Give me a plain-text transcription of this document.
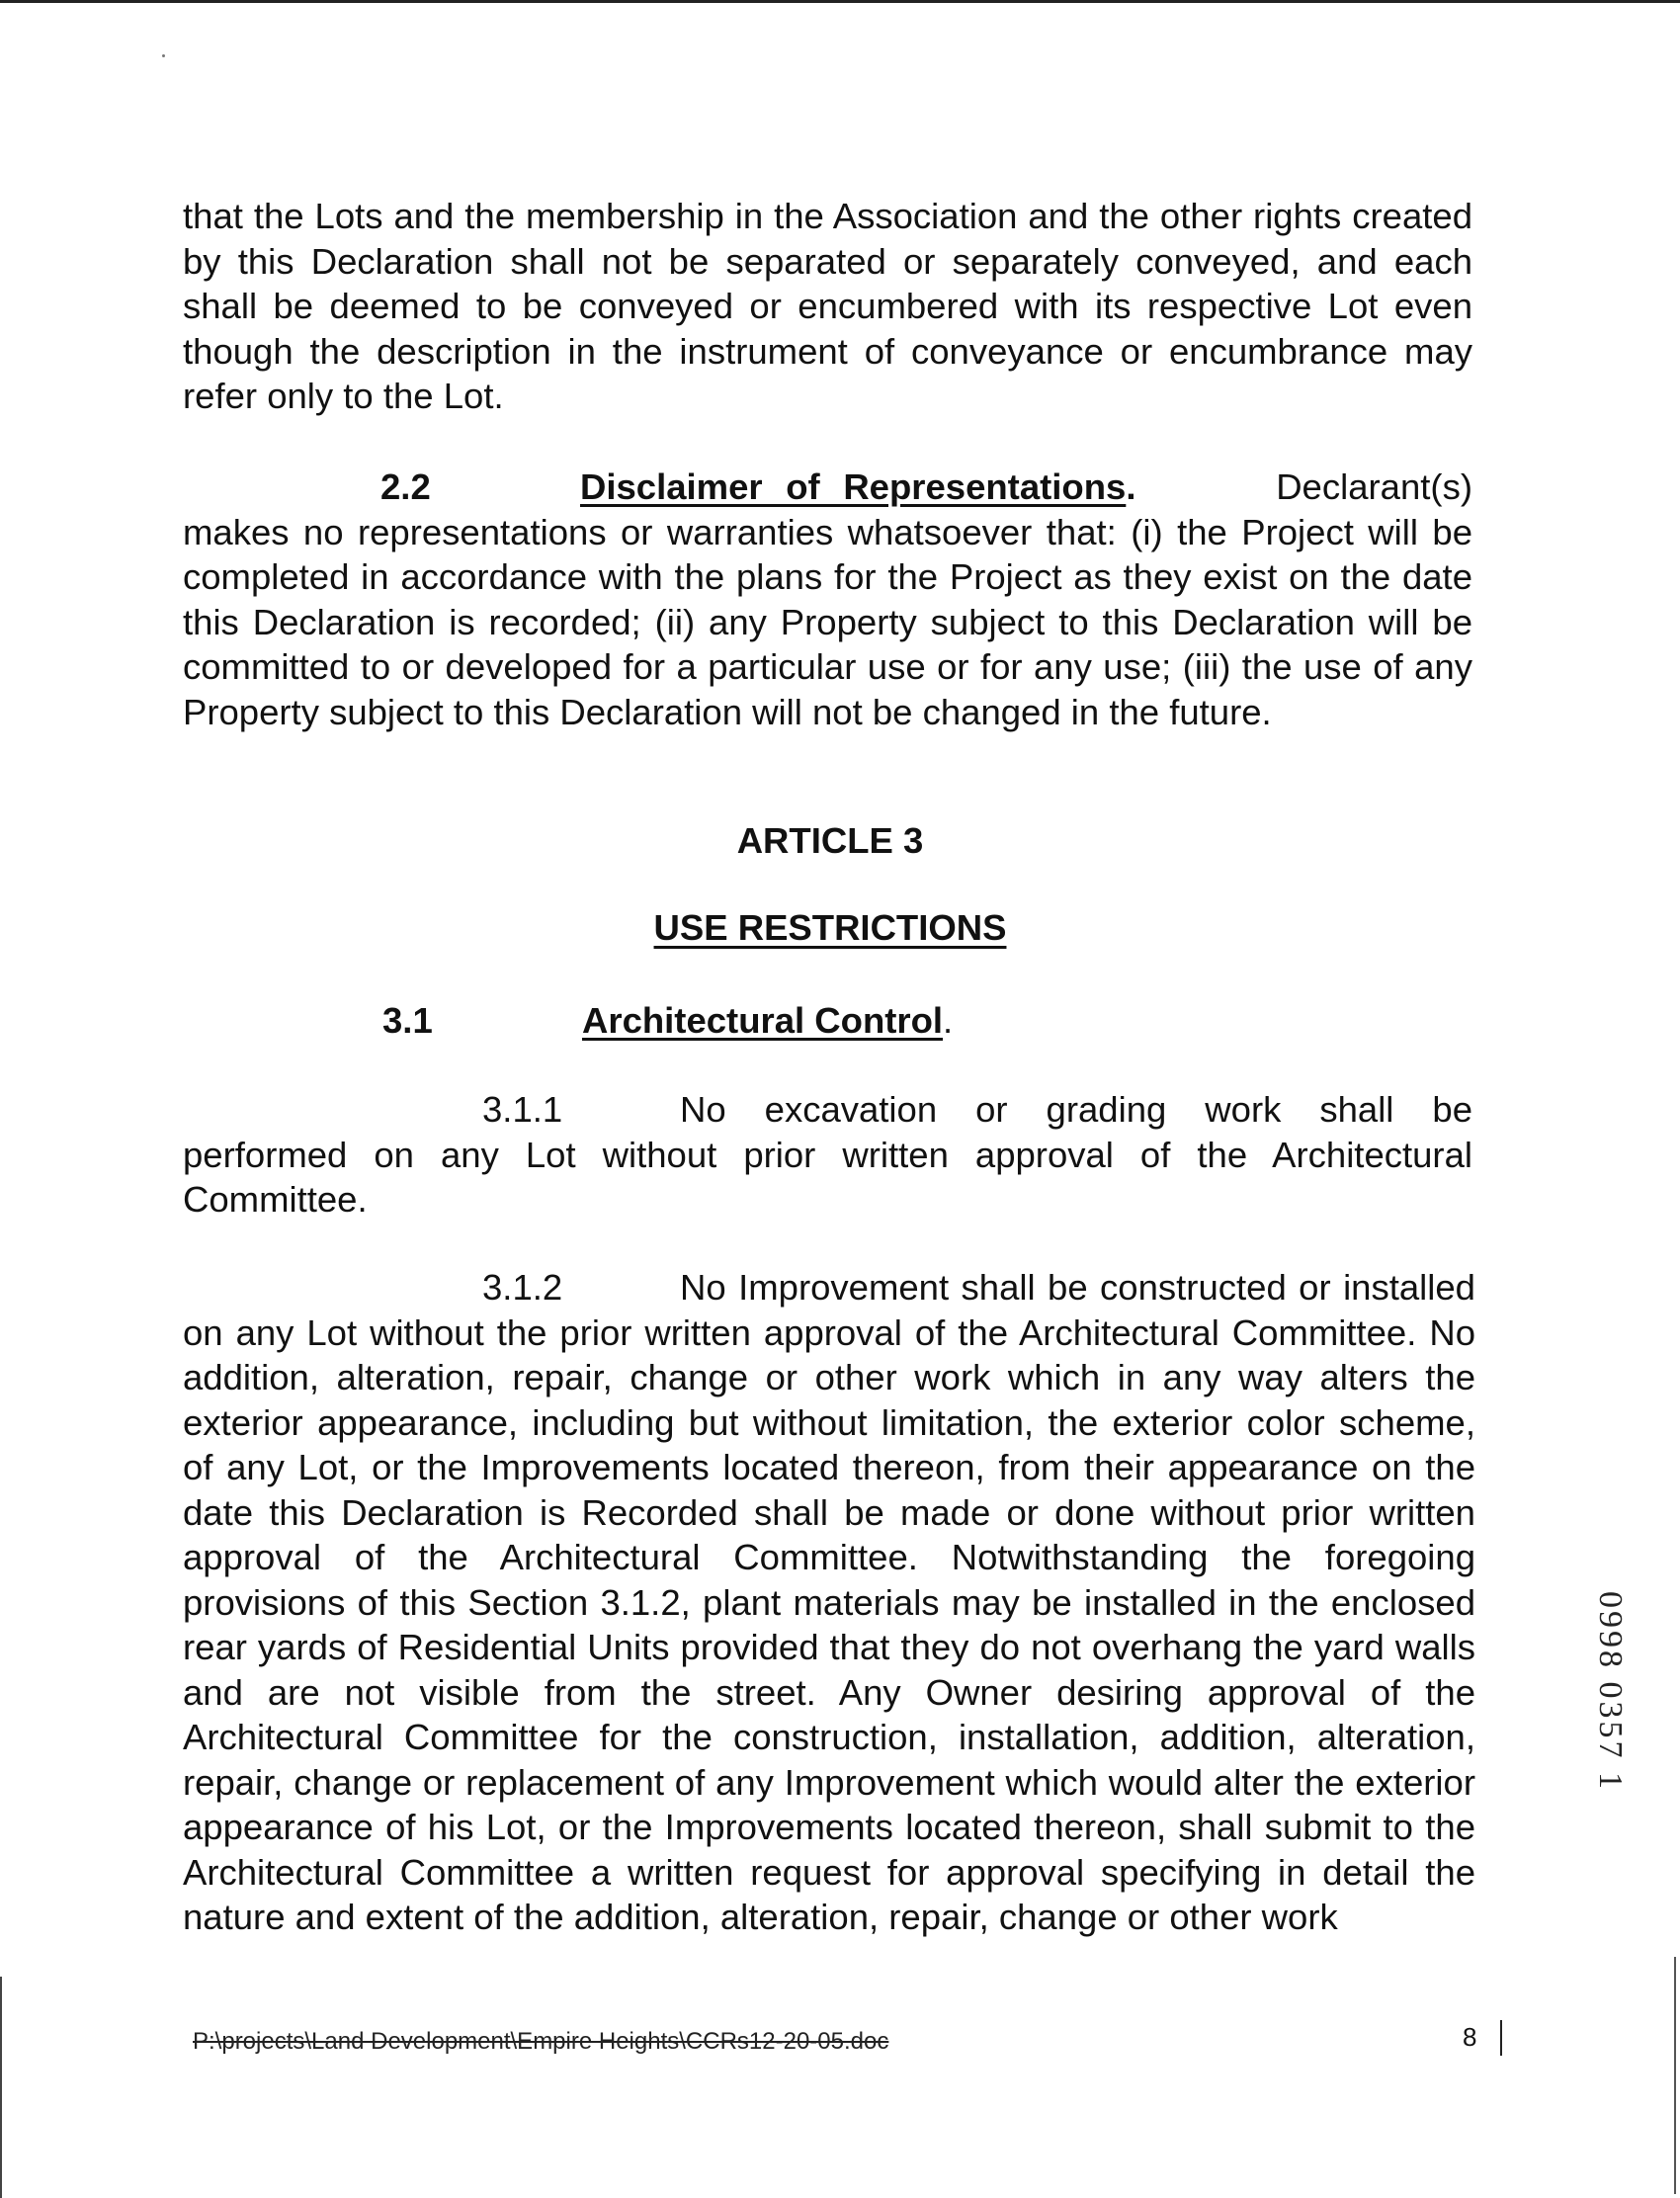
that the Lots and the membership in the Association and the other rights created by this Declaration shall not be separated or separately conveyed, and each shall be deemed to be conveyed or encumbered with its respective Lot even though the description in the instrument of conveyance or encumbrance may refer only to the Lot.
2.2	Disclaimer of Representations.	Declarant(s) makes no representations or warranties whatsoever that: (i) the Project will be completed in accordance with the plans for the Project as they exist on the date this Declaration is recorded; (ii) any Property subject to this Declaration will be committed to or developed for a particular use or for any use; (iii) the use of any Property subject to this Declaration will not be changed in the future.
ARTICLE 3
USE RESTRICTIONS
3.1	Architectural Control.
3.1.1	No excavation or grading work shall be performed on any Lot without prior written approval of the Architectural Committee.
3.1.2	No Improvement shall be constructed or installed on any Lot without the prior written approval of the Architectural Committee. No addition, alteration, repair, change or other work which in any way alters the exterior appearance, including but without limitation, the exterior color scheme, of any Lot, or the Improvements located thereon, from their appearance on the date this Declaration is Recorded shall be made or done without prior written approval of the Architectural Committee. Notwithstanding the foregoing provisions of this Section 3.1.2, plant materials may be installed in the enclosed rear yards of Residential Units provided that they do not overhang the yard walls and are not visible from the street. Any Owner desiring approval of the Architectural Committee for the construction, installation, addition, alteration, repair, change or replacement of any Improvement which would alter the exterior appearance of his Lot, or the Improvements located thereon, shall submit to the Architectural Committee a written request for approval specifying in detail the nature and extent of the addition, alteration, repair, change or other work
P:\projects\Land Development\Empire Heights\CCRs12-20-05.doc	8
0998 0357 1
